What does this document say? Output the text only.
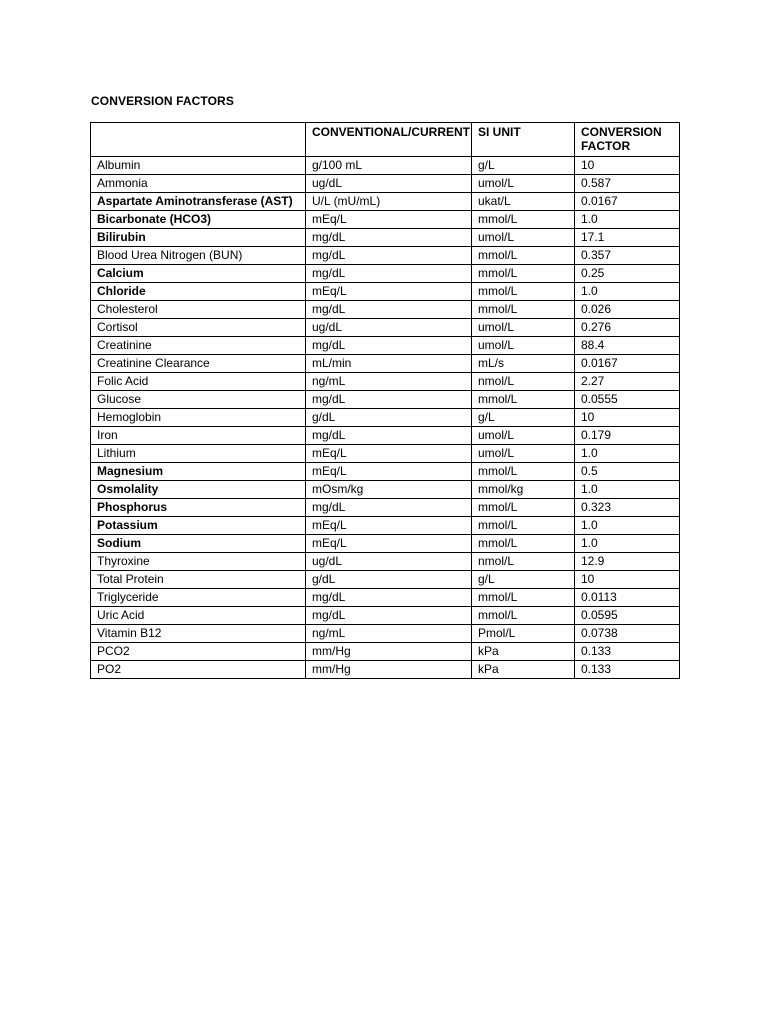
CONVERSION FACTORS
	CONVENTIONAL/CURRENT	SI UNIT	CONVERSION FACTOR
Albumin	g/100 mL	g/L	10
Ammonia	ug/dL	umol/L	0.587
Aspartate Aminotransferase (AST)	U/L (mU/mL)	ukat/L	0.0167
Bicarbonate (HCO3)	mEq/L	mmol/L	1.0
Bilirubin	mg/dL	umol/L	17.1
Blood Urea Nitrogen (BUN)	mg/dL	mmol/L	0.357
Calcium	mg/dL	mmol/L	0.25
Chloride	mEq/L	mmol/L	1.0
Cholesterol	mg/dL	mmol/L	0.026
Cortisol	ug/dL	umol/L	0.276
Creatinine	mg/dL	umol/L	88.4
Creatinine Clearance	mL/min	mL/s	0.0167
Folic Acid	ng/mL	nmol/L	2.27
Glucose	mg/dL	mmol/L	0.0555
Hemoglobin	g/dL	g/L	10
Iron	mg/dL	umol/L	0.179
Lithium	mEq/L	umol/L	1.0
Magnesium	mEq/L	mmol/L	0.5
Osmolality	mOsm/kg	mmol/kg	1.0
Phosphorus	mg/dL	mmol/L	0.323
Potassium	mEq/L	mmol/L	1.0
Sodium	mEq/L	mmol/L	1.0
Thyroxine	ug/dL	nmol/L	12.9
Total Protein	g/dL	g/L	10
Triglyceride	mg/dL	mmol/L	0.0113
Uric Acid	mg/dL	mmol/L	0.0595
Vitamin B12	ng/mL	Pmol/L	0.0738
PCO2	mm/Hg	kPa	0.133
PO2	mm/Hg	kPa	0.133
